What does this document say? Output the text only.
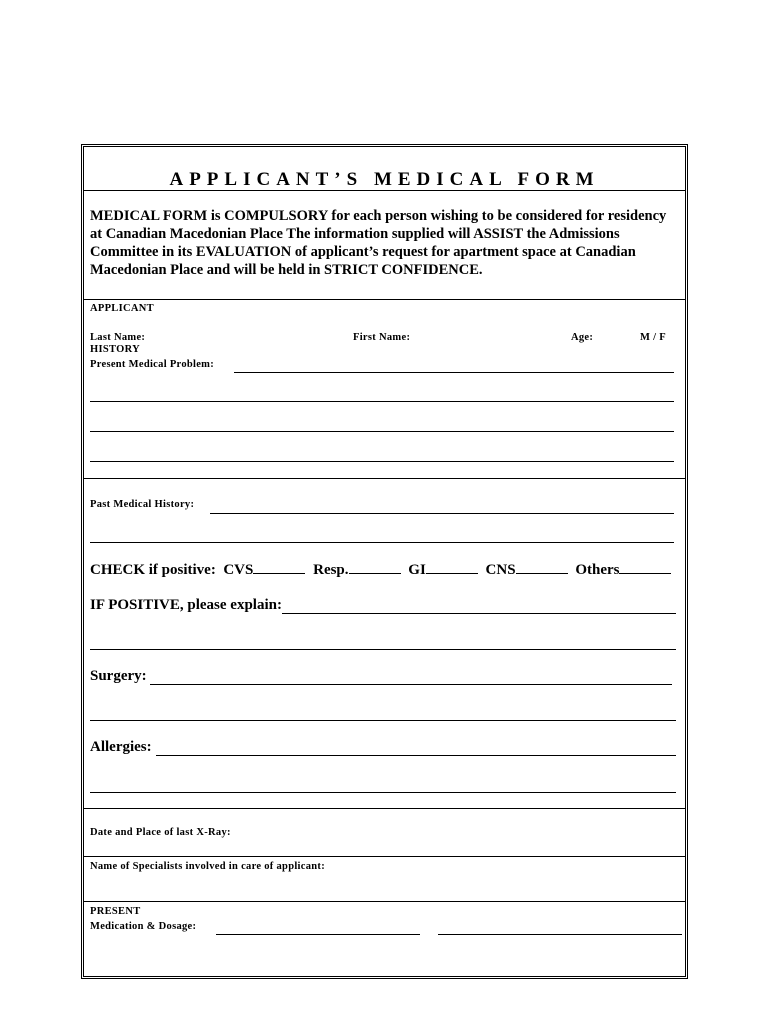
APPLICANT’S MEDICAL FORM
MEDICAL FORM is COMPULSORY for each person wishing to be considered for residency at Canadian Macedonian Place The information supplied will ASSIST the Admissions Committee in its EVALUATION of applicant’s request for apartment space at Canadian Macedonian Place and will be held in STRICT CONFIDENCE.
APPLICANT
Last Name:	First Name:	Age:	M / F
HISTORY
Present Medical Problem:
Past Medical History:
CHECK if positive: CVS	Resp.	GI	CNS	Others
IF POSITIVE, please explain:
Surgery:
Allergies:
Date and Place of last X-Ray:
Name of Specialists involved in care of applicant:
PRESENT
Medication & Dosage:
